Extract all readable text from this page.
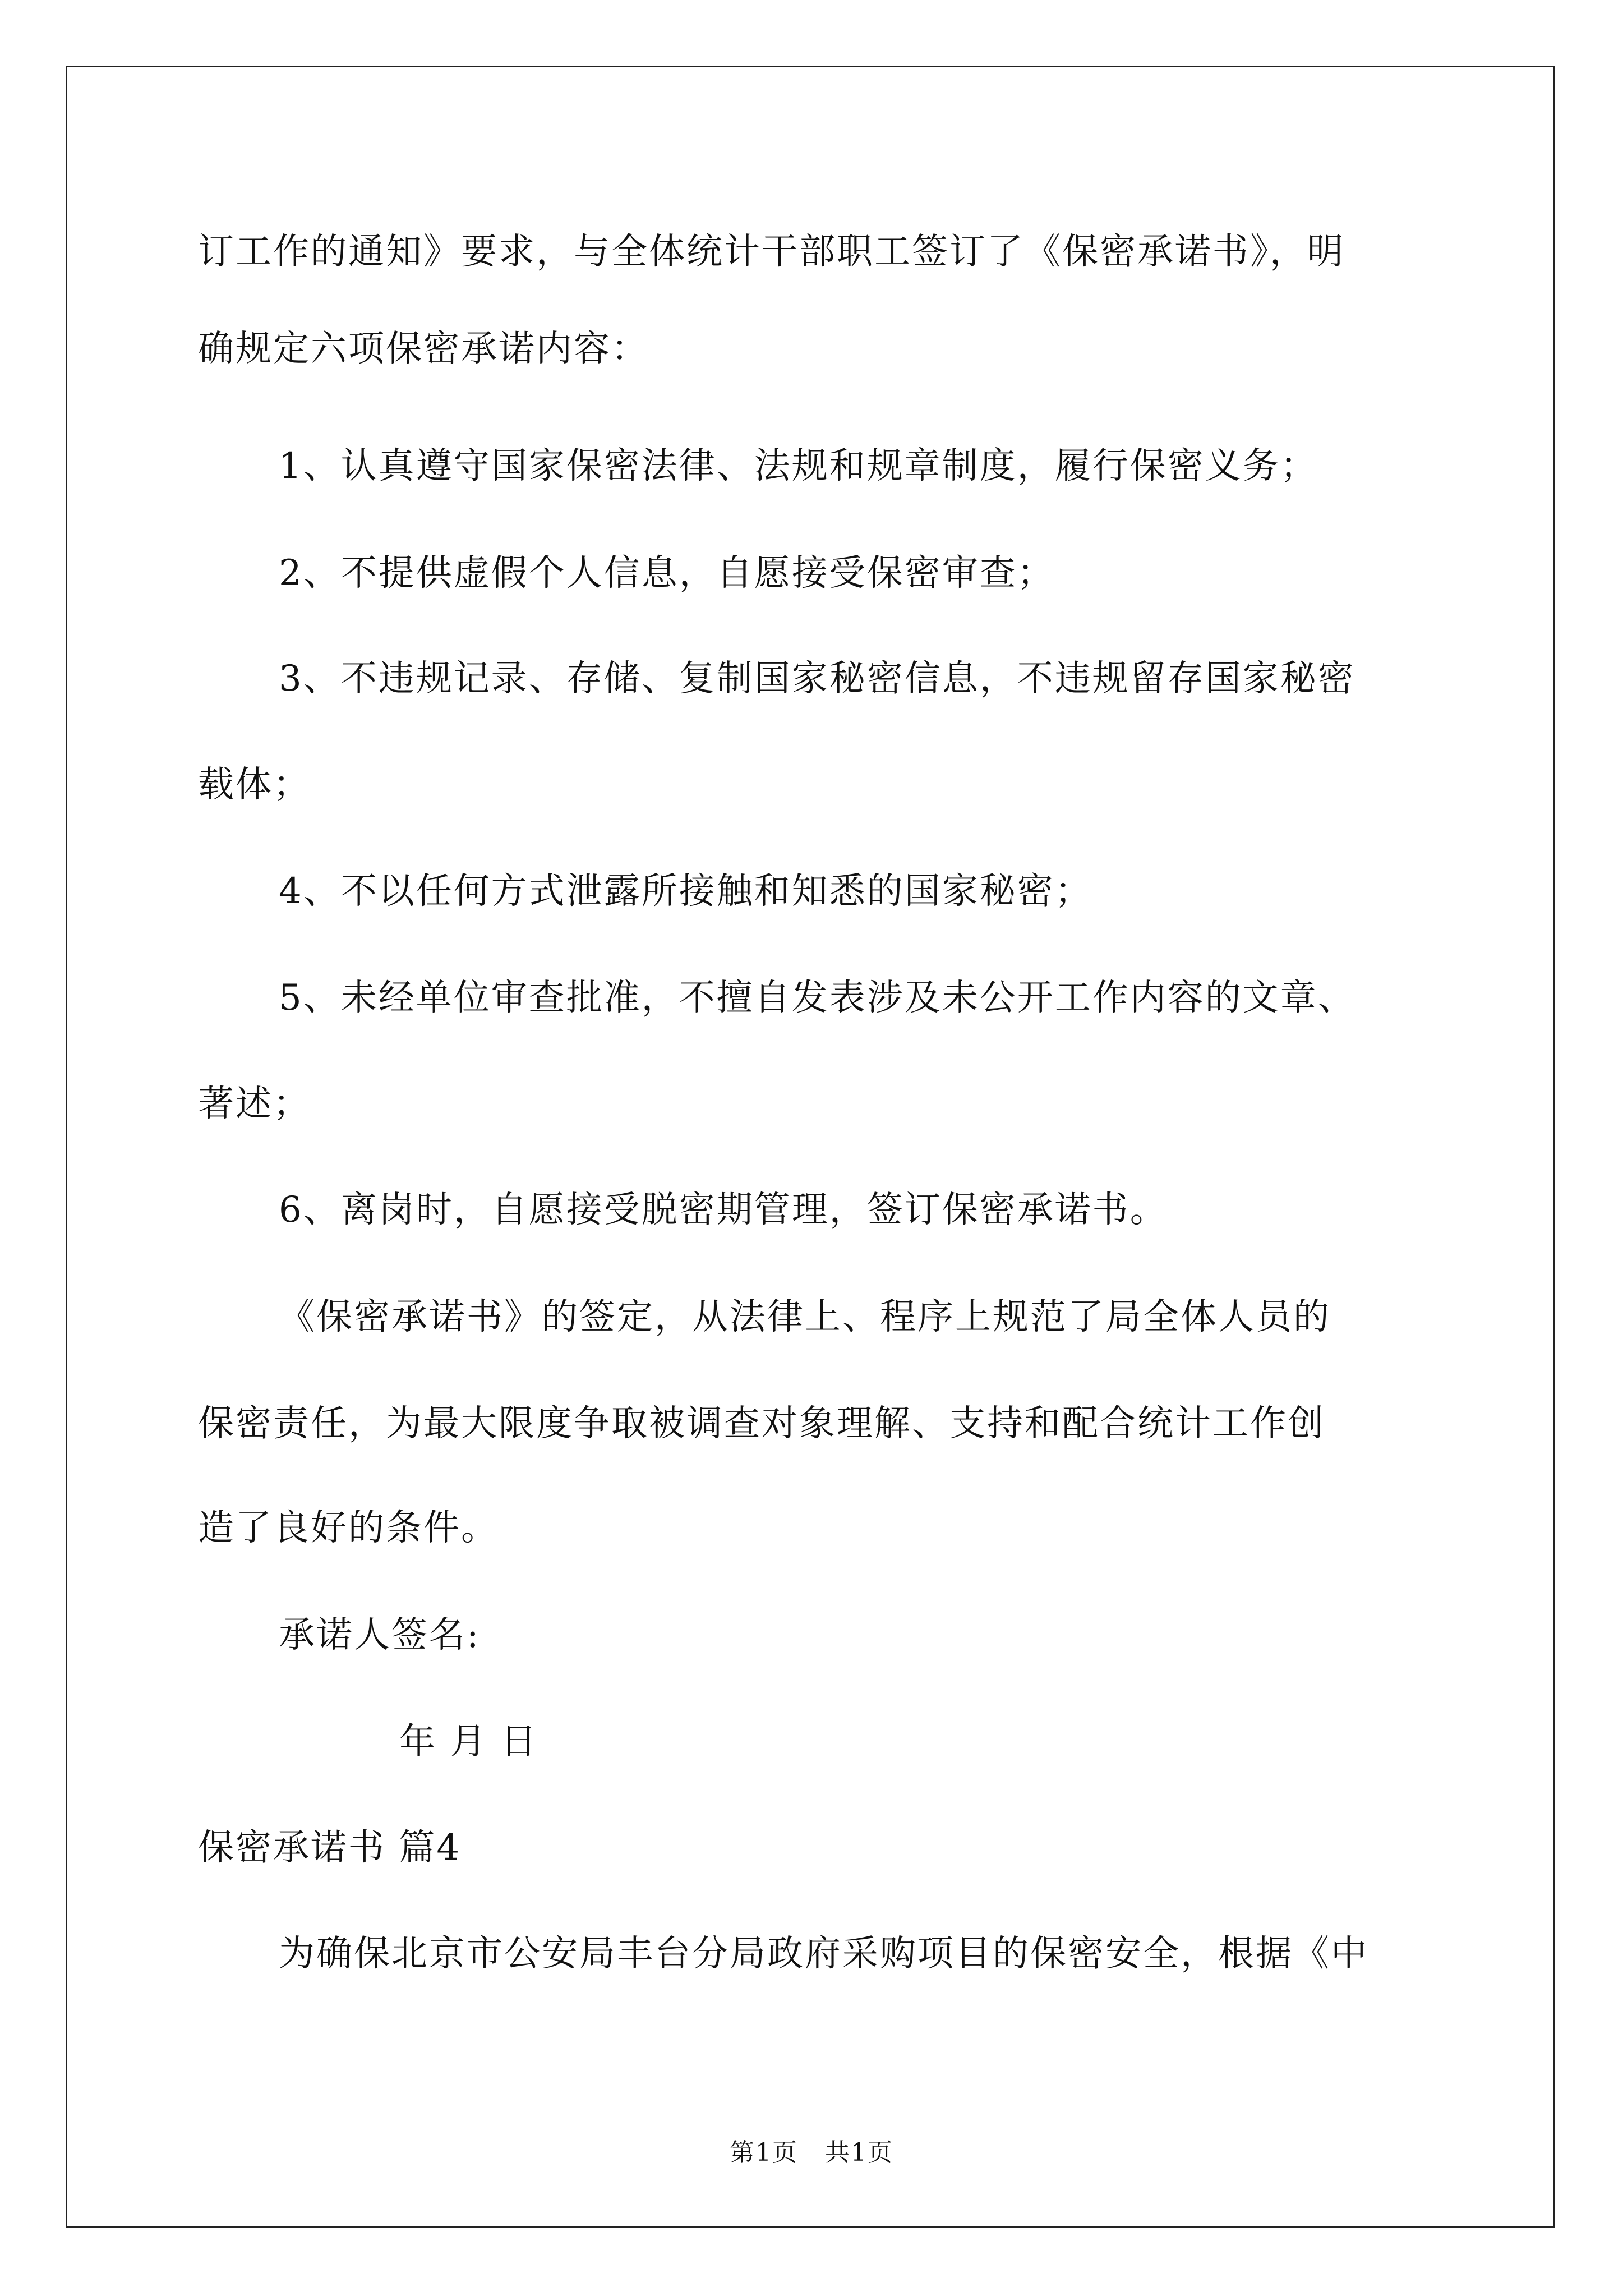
订工作的通知》要求，与全体统计干部职工签订了《保密承诺书》，明
确规定六项保密承诺内容：
1、认真遵守国家保密法律、法规和规章制度，履行保密义务；
2、不提供虚假个人信息，自愿接受保密审查；
3、不违规记录、存储、复制国家秘密信息，不违规留存国家秘密
载体；
4、不以任何方式泄露所接触和知悉的国家秘密；
5、未经单位审查批准，不擅自发表涉及未公开工作内容的文章、
著述；
6、离岗时，自愿接受脱密期管理，签订保密承诺书。
《保密承诺书》的签定，从法律上、程序上规范了局全体人员的
保密责任，为最大限度争取被调查对象理解、支持和配合统计工作创
造了良好的条件。
承诺人签名:
年 月 日
保密承诺书 篇4
为确保北京市公安局丰台分局政府采购项目的保密安全，根据《中
第1页   共1页
